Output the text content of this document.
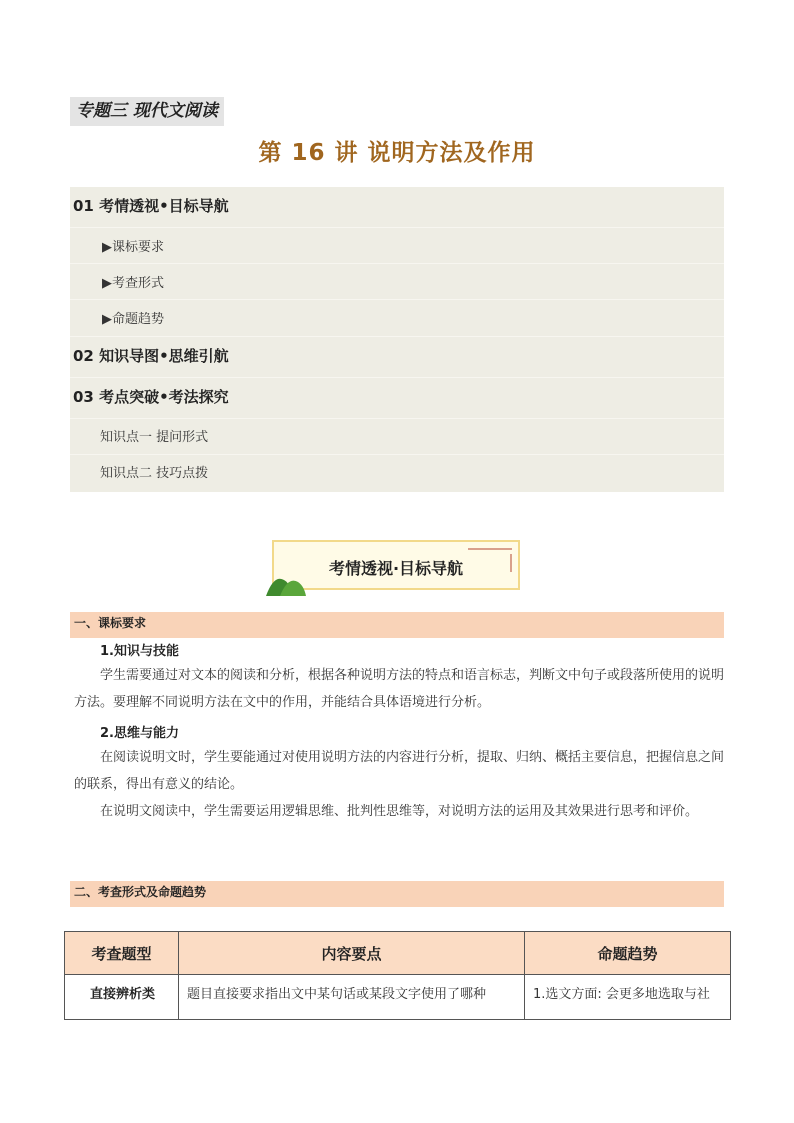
专题三 现代文阅读
第 16 讲 说明方法及作用
01 考情透视•目标导航
▶课标要求
▶考查形式
▶命题趋势
02 知识导图•思维引航
03 考点突破•考法探究
知识点一 提问形式
知识点二 技巧点拨
考情透视·目标导航
一、课标要求
1.知识与技能

学生需要通过对文本的阅读和分析，根据各种说明方法的特点和语言标志，判断文中句子或段落所使用的说明方法。要理解不同说明方法在文中的作用，并能结合具体语境进行分析。

2.思维与能力

在阅读说明文时，学生要能通过对使用说明方法的内容进行分析，提取、归纳、概括主要信息，把握信息之间的联系，得出有意义的结论。

在说明文阅读中，学生需要运用逻辑思维、批判性思维等，对说明方法的运用及其效果进行思考和评价。

二、考查形式及命题趋势
考查题型	内容要点	命题趋势
直接辨析类	题目直接要求指出文中某句话或某段文字使用了哪种	1.选文方面: 会更多地选取与社
